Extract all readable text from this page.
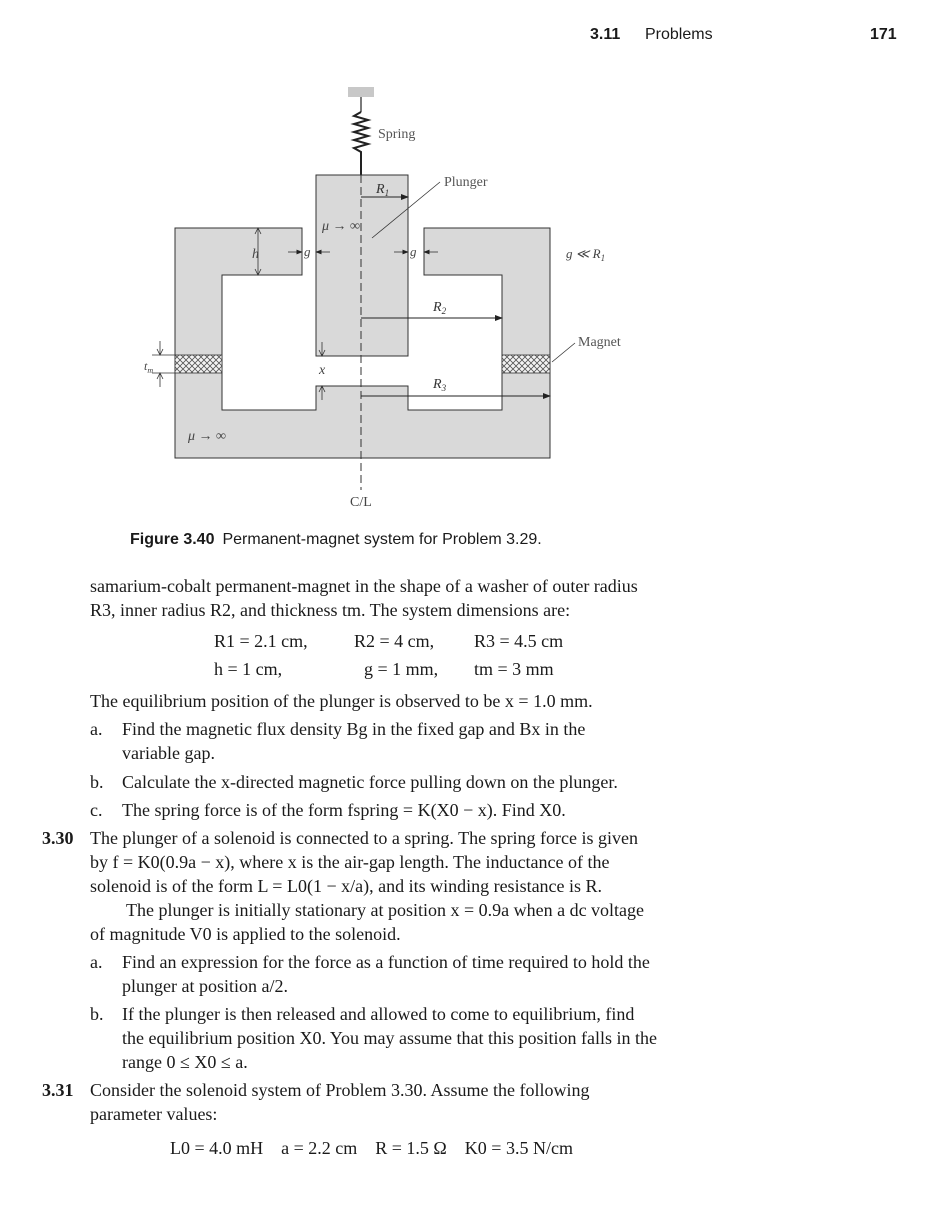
3.11 Problems	171
$R_1$
$R_2$
$R_3$
Plunger
Spring
μ → ∞
μ → ∞
h	g	g	g ≪ $R_1$
x
$t_m$
Magnet
C/L
Figure 3.40 Permanent-magnet system for Problem 3.29.
samarium-cobalt permanent-magnet in the shape of a washer of outer radius
R3, inner radius R2, and thickness tm. The system dimensions are:
R1 = 2.1 cm,	R2 = 4 cm, R3 = 4.5 cm
h = 1 cm,	g = 1 mm, tm = 3 mm
The equilibrium position of the plunger is observed to be x = 1.0 mm.
a. Find the magnetic flux density Bg in the fixed gap and Bx in the
variable gap.
b. Calculate the x-directed magnetic force pulling down on the plunger.
c. The spring force is of the form fspring = K(X0 − x). Find X0.
3.30 The plunger of a solenoid is connected to a spring. The spring force is given
by f = K0(0.9a − x), where x is the air-gap length. The inductance of the
solenoid is of the form L = L0(1 − x/a), and its winding resistance is R.
The plunger is initially stationary at position x = 0.9a when a dc voltage
of magnitude V0 is applied to the solenoid.
a. Find an expression for the force as a function of time required to hold the
plunger at position a/2.
b. If the plunger is then released and allowed to come to equilibrium, find
the equilibrium position X0. You may assume that this position falls in the
range 0 ≤ X0 ≤ a.
3.31 Consider the solenoid system of Problem 3.30. Assume the following
parameter values:
L0 = 4.0 mH    a = 2.2 cm    R = 1.5 Ω    K0 = 3.5 N/cm
